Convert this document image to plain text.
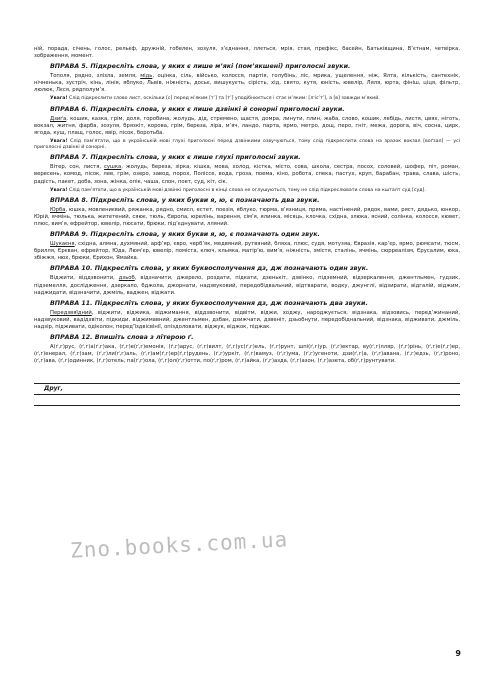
ній, порада, січень, голос, рельєф, дружній, гобелен, зозуля, з’єднання, ллється, мрія, стая, префікс, басейн, Батьківщина, В’єтнам, четвірка, зображення, момент.

ВПРАВА 5. Підкресліть слова, у яких є лише м’які (пом’якшені) приголосні звуки.

Тополя, рядно, злізла, земля, мідь, оцінка, сіль, військо, колосся, партія, голубінь, ліс, мрика, ущелення, ніж, Ялта, кількість, сантехнік, нічненька, зустріч, кінь, лінія, яблуко, Львів, ніжність, досьє, вишукуєть, сірість, хід, свято, кутя, юність, ювелір, Ляля, юрта, фініш, ціця, фільтр, люлюк, Лєся, рядполум’я.

Увага! Слід підкреслити слово лист, оскільки [с] перед м’яким [т’] та [т’] уподібнюється і стає м’яким: [лʼіс’т’], а [в] завжди м’який.

ВПРАВА 6. Підкресліть слова, у яких є лише дзвінкі й сонорні приголосні звуки.

Дзиґа, кошик, казка, грім, доля, горобина, жолудь, дід, стремено, щастя, домра, линути, плин, жаба, слово, кошик, лебідь, листя, цвях, ніготь, вокзал, житня, фарба, зозуля, брязкіт, корова, грім, береза, ліра, м’яч, ландо, парта, ярмо, метро, дощ, перо, гніт, межа, дорога, віч, сосна, цирк, ягода, кущ, плащ, голос, явір, пісок, боротьба.

Увага! Слід пам’ятати, що в українській мові глухі приголосні перед дзвінкими озвучуються, тому слід підкреслити слова на зразок вокзал [воґзал] — усі приголосні дзвінкі й сонорні.

ВПРАВА 7. Підкресліть слова, у яких є лише глухі приголосні звуки.

Вітер, сон, листя, сушка, жолудь, береза, зірка, кішка, мова, холод, кістка, місто, сова, школа, сестра, посох, соловей, шофер, піт, роман, вересень, комод, пісок, лев, грім, озеро, завод, порох, Поліссе, вода, гроза, поема, кіно, робота, спека, пастух, круп, барабан, трава, слава, шість, радість, пакет, доба, зона, жінка, опік, чаша, слон, поет, суд, кіт, сік.

Увага! Слід пам’ятати, що в українській мові дзвінкі приголосні в кінці слова не оглушуються, тому не слід підкреслювати слова на кшталт суд [суд].

ВПРАВА 8. Підкресліть слова, у яких букви я, ю, є позначають два звуки.

Юрба, юшка, мовлениєвий, ряжанка, рядно, смисл, естет, поезія, яблуко, тюрма, в’язниця, пряма, настінений, рядок, вами, ряст, дядько, юнкор, Юрій, ячмінь, тюлька, житетений, сяює, тюль, Європа, юрелінь, варення, сім’я, ялинка, місяць, клочка, східна, злюка, ясний, солінка, колосся, кювет, плюс, вим’я, ефрейтор, ювелір, пюсати, брюки, під’єднувати, лляний.

ВПРАВА 9. Підкресліть слова, у яких букви я, ю, є позначають один звук.

Шукаєня, східна, алмна, духмяний, арф’яр, євро, черб’як, медвяний, рутвяний, бляха, плюс, судя, мотузяа, Євразія, кар’єр, ярмо, рюмсати, тюсм, брилля, Єрєван, ефрейтор, Юда, Люм’єр, ювелір, поміста, ключ, кльмка, матір’ю, вим’я, ніжність, змістя, сталінь, ячмінь, сюрреалізм, Єрусалим, юка, збіжжя, нюх, брюки, Єрихон, Ямайка.

ВПРАВА 10. Підкресліть слова, у яких буквосполучення дз, дж позначають один звук.

Віджити, віддзвонити, дзьоб, відзначити, джерело, роздати, підкати, дзенькіт, дзвінко, підземний, відзеркалення, джентльмен, гудзик, підземелля, дослідження, дзеркало, бджола, джорнати, надзвуковий, передобідвальний, відтварати, водку, джунглі, відзирати, відгалій, віджим, наджидати, відзначити, джміль, ваджен, віджати.

ВПРАВА 11. Підкресліть слова, у яких буквосполучення дз, дж позначають два звуки.

Передзвяїдний, віджити, віджика, віджимання, віддзвонити, відвітм, віджи, ходжу, народжується, відзнака, відзовись, перед’жинаний, надзвуковий, вадідзвіти, підкиди, віджимавний, джентльмен, дзбан, дзижчати, дзвеніт, дзьобнути, передобіднальний, відзнака, відживати, джміль, надзір, підживати, одіколон, перед’їздвісвінії, опіздоловати, віджук, віджок, піджак.

ВПРАВА 12. Впишіть слова з літерою ґ.

А(ґ,г)рус, (ґ,г)а(ґ,г)ака, (ґ,г)е(ґ,г)емонія, (ґ,г)арус, (ґ,г)вилт, (ґ,г)ус(ґ,г)ель, (ґ,г)рунт, шпі(ґ,г)ур, (ґ,г)ектар, ву(ґ,г)лляр, (ґ,г)рінь, (ґ,г)е(ґ,г)ер, (ґ,г)енерал, (ґ,г)зам, (ґ,г)ли(ґ,г)аль, (ґ,г)ам(ґ,г)ер(ґ,г)рудень, (ґ,г)уркіт, (ґ,г)вамуз, (ґ,г)ума, (ґ,г)угеноти, дзи(ґ,г)а, (ґ,г)авана, (ґ,г)едзь, (ґ,г)роно, (ґ,г)ава, (ґ,г)одинник, (ґ,г)отель, па(ґ,г)ола, (ґ,г)ол(ґ,г)отти, по(ґ,г)ром, (ґ,г)айка, (ґ,г)азда, (ґ,г)азон, (ґ,г)азета, об(ґ,г)рунтувати.

Друг,
Zno.books.com.ua
9
